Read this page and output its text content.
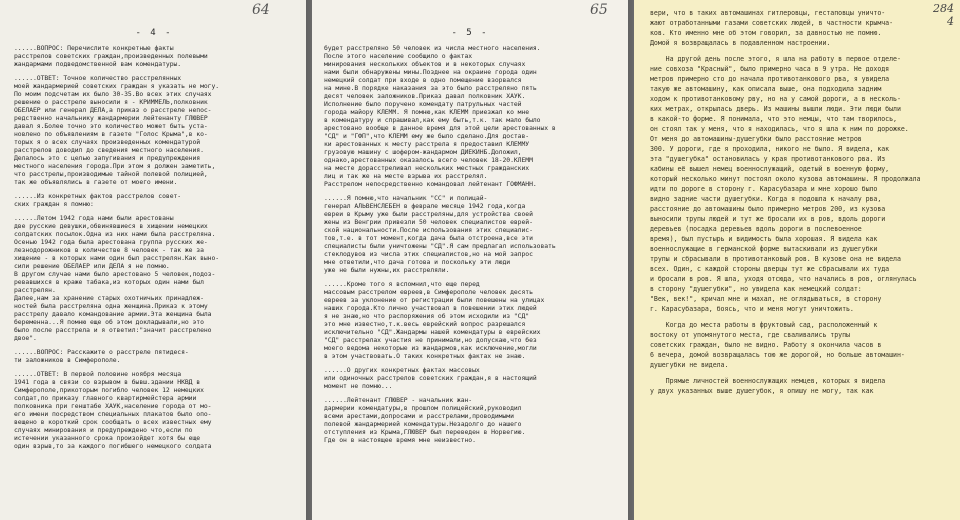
64
- 4 -

......ВОПРОС: Перечислите конкретные факты
расстрелов советских граждан,произведенных полевыми
жандармами подведомственной вам комендатуры.

......ОТВЕТ: Точное количество расстрелянных
моей жандармерией советских граждан я указать не могу.
По моим подсчетам их было 30-35.Во всех этих случаях
решение о расстреле выносили я - КРИММЕЛЬ,полковник
ОБЕЛАЕР или генерал ДЕЛА,а приказ о расстреле непос-
редственно начальнику жандармерии лейтенанту ГЛЮВЕР
давал я.Более точно это количество может быть уста-
новлено по объявлениям в газете "Голос Крыма",в ко-
торых я о всех случаях произведенных комендатурой
расстрелов доводил до сведения местного населения.
Делалось это с целью запугивания и предупреждения
местного населения города.При этом я должен заметить,
что расстрелы,производимые тайной полевой полицией,
так же объявлялись в газете от моего имени.

......Из конкретных фактов расстрелов совет-
ских граждан я помню:

......Летом 1942 года нами были арестованы
две русские девушки,обвинявшиеся в хищении немецких
солдатских посылок.Одна из них нами была расстреляна.
Осенью 1942 года была арестована группа русских же-
лезнодорожников в количестве 8 человек - так же за
хищение - в которых нами один был расстрелян.Как выно-
сили решение ОБЕЛАЕР или ДЕЛА я не помню.
В другом случае нами было арестовано 5 человек,подоз-
ревавшихся в краже табака,из которых один нами был
расстрелян.
Далее,нам за хранение старых охотничьих принадлеж-
ностей была расстреляна одна женщина.Приказ к этому
расстрелу давало командование армии.Эта женщина была
беременна...Я помню еще об этом докладывали,но это
было после расстрела и я ответил:"значит расстрелено
двое".

......ВОПРОС: Расскажите о расстреле пятидеся-
ти заложников в Симферополе.

......ОТВЕТ: В первой половине ноября месяца
1941 года в связи со взрывом в бывш.здании НКВД в
Симферополе,прикоторым погибло человек 12 немецких
солдат,по приказу главного квартирмейстера армии
полковника при генштабе ХАУК,население города от мо-
его имени посредством специальных плакатов было опо-
вещено в короткий срок сообщать о всех известных ему
случаях минирования и предупреждено что,если по
истечении указанного срока произойдет хотя бы еще
один взрыв,то за каждого погибшего немецкого солдата

65
- 5 -

будет расстреляно 50 человек из числа местного населения.
После этого население сообщило о фактах
минирования нескольких объектов и в некоторых случаях
нами были обнаружены мины.Позднее на окраине города один
немецкий солдат при входе в одно помещение взорвался
на мине.В порядке наказания за это было расстреляно пять
десят человек заложников.Приказ давал полковник ХАУК.
Исполнение было поручено комендату патрульных частей
города майору КЛЕММ. Я помню,как КЛЕММ приезжал ко мне
в комендатуру и спрашивал,как ему быть,т.к. так мало было
арестовано вообще в данное время для этой цели арестованных в
"СД" и "ГФП",что КЛЕММ ему же было сделано.Для достав-
ки арестованных к месту расстрела я предоставил КЛЕММУ
грузовую машину с шофером-жандармом ДИЕКИНБ.Доложил,
однако,арестованных оказалось всего человек 18-20.КЛЕММ
на месте дорасстреливал нескольких местных гражданских
лиц и так же на месте взрыва их расстрелял.
Расстрелом непосредственно командовал лейтенант ГОФМАНН.

......Я помню,что начальник "СС" и полицай-
генерал АЛЬВЕНСЛЕБЕН в феврале месяце 1942 года,когда
евреи в Крыму уже были расстреляны,для устройства своей
жены из Венгрии привезли 50 человек специалистов еврей-
ской национальности.После использования этих специалис-
тов,т.е. в тот момент,когда дача была отстроена,все эти
специалисты были уничтожены "СД".Я сам предлагал использовать
стеклодувов из числа этих специалистов,но на мой запрос
мне ответили,что дача готова и поскольку эти люди
уже не были нужны,их расстреляли.

......Кроме того я вспомнил,что еще перед
массовым расстрелом евреев,в Симферополе человек десять
евреев за уклонение от регистрации были повешены на улицах
наших города.Кто лично участвовал в повешении этих людей
я не знаю,но что распоряжения об этом исходили из "СД"
это мне известно,т.к.весь еврейский вопрос разрешался
исключительно "СД".Жандармы нашей комендатуры в еврейских
"СД" расстрелах участия не принимали,но допускаю,что без
моего ведома некоторые из жандармов,как исключение,могли
в этом участвовать.О таких конкретных фактах не знаю.

......О других конкретных фактах массовых
или одиночных расстрелов советских граждан,я в настоящий
момент не помню...

......Лейтенант ГЛЮВЕР - начальник жан-
дармерии комендатуры,в прошлом полицейский,руководил
всеми арестами,допросами и расстрелами,проводимыми
полевой жандармерией комендатуры.Незадолго до нашего
отступления из Крыма,ГЛЮВЕР был переведен в Норвегию.
Где он в настоящее время мне неизвестно.

284
4

вери, что в таких автомашинах гитлеровцы, гестаповцы уничто-
жают отработанными газами советских людей, в частности крымча-
ков. Кто именно мне об этом говорил, за давностью не помню.
Домой я возвращалась в подавленном настроении.

На другой день после этого, я шла на работу в первое отделе-
ние совхоза "Красный", было примерно часа в 9 утра. Не доходя
метров примерно сто до начала противотанкового рва, я увидела
такую же автомашину, как описала выше, она подходила задним
ходом к противотанковому рву, но на у самой дороги, а в несколь-
ких метрах, открылась дверь. Из машины вышли люди. Эти люди были
в какой-то форме. Я понимала, что это немцы, что там творилось,
он стоял так у меня, что я находилась, что я шла к ним по дорожке.
От меня до автомашины-душегубки было расстояние метров
300. У дороги, где я проходила, никого не было. Я видела, как
эта "душегубка" остановилась у края противотанкового рва. Из
кабины её вышел немец военнослужащий, одетый в военную форму,
который несколько минут постоял около кузова автомашины. Я продолжала
идти по дороге в сторону г. Карасубазара и мне хорошо было
видно задние части душегубки. Когда я подошла к началу рва,
расстояние до автомашины было примерно метров 200, из кузова
выносили трупы людей и тут же бросали их в ров, вдоль дороги
деревьев (посадка деревьев вдоль дороги в послевоенное
время), был пустырь и видимость была хорошая. Я видела как
военнослужащие в германской форме вытаскивали из душегубки
трупы и сбрасывали в противотанковый ров. В кузове она не видела
всех. Один, с каждой стороны дверцы тут же сбрасывали их туда
и бросали в ров. Я шла, уходя отсюда, что начались в ров, оглянулась
в сторону "душегубки", но увидела как немецкий солдат:
"Век, век!", кричал мне и махал, не оглядываться, в сторону
г. Карасубазара, боясь, что и меня могут уничтожить.

Когда до места работы в фруктовый сад, расположенный к
востоку от упомянутого места, где сваливались трупы
советских граждан, было не видно. Работу я окончила часов в
6 вечера, домой возвращалась тою же дорогой, но больше автомашин-
душегубки не видела.

Прямые личностей военнослужащих немцев, которых я видела
у двух указанных выше душегубок, я опишу не могу, так как
